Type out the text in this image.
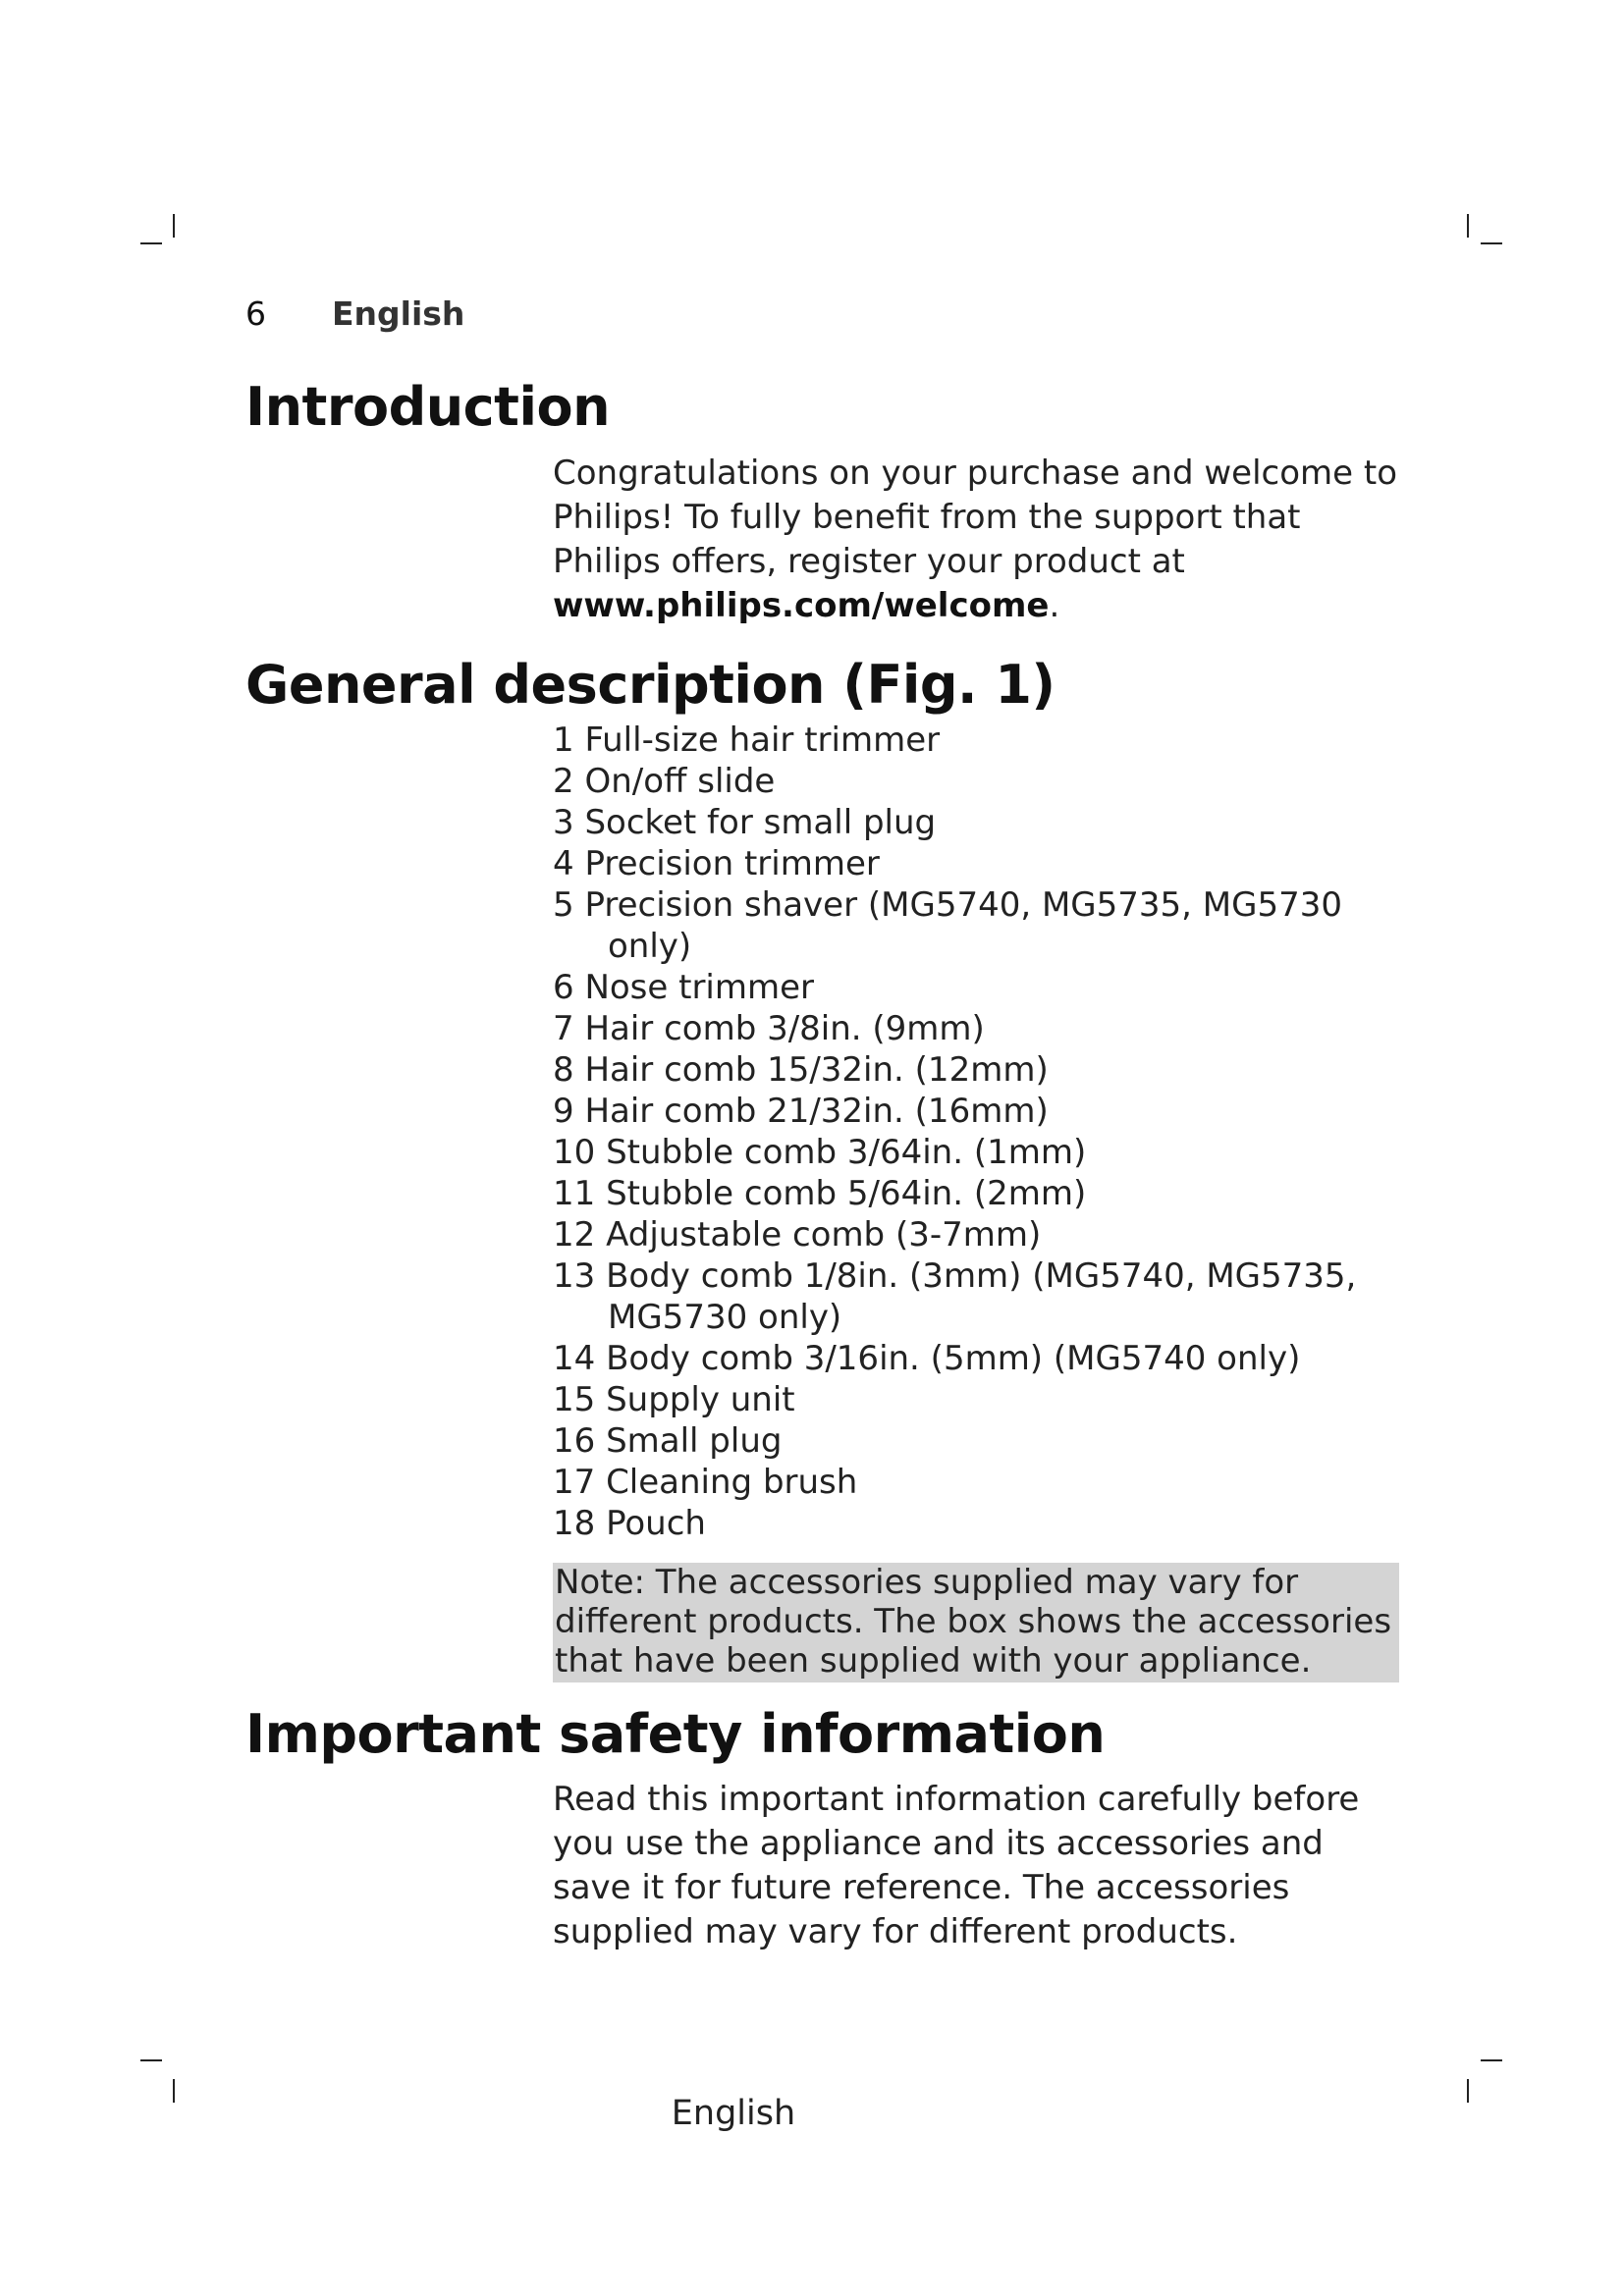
6 English
Introduction

Congratulations on your purchase and welcome to Philips! To fully benefit from the support that Philips offers, register your product at www.philips.com/welcome.

General description (Fig. 1)
1 Full-size hair trimmer
2 On/off slide
3 Socket for small plug
4 Precision trimmer
5 Precision shaver (MG5740, MG5735, MG5730 only)
6 Nose trimmer
7 Hair comb 3/8in. (9mm)
8 Hair comb 15/32in. (12mm)
9 Hair comb 21/32in. (16mm)
10 Stubble comb 3/64in. (1mm)
11 Stubble comb 5/64in. (2mm)
12 Adjustable comb (3-7mm)
13 Body comb 1/8in. (3mm) (MG5740, MG5735, MG5730 only)
14 Body comb 3/16in. (5mm) (MG5740 only)
15 Supply unit
16 Small plug
17 Cleaning brush
18 Pouch

Note: The accessories supplied may vary for different products. The box shows the accessories that have been supplied with your appliance.

Important safety information

Read this important information carefully before you use the appliance and its accessories and save it for future reference. The accessories supplied may vary for different products.

English
